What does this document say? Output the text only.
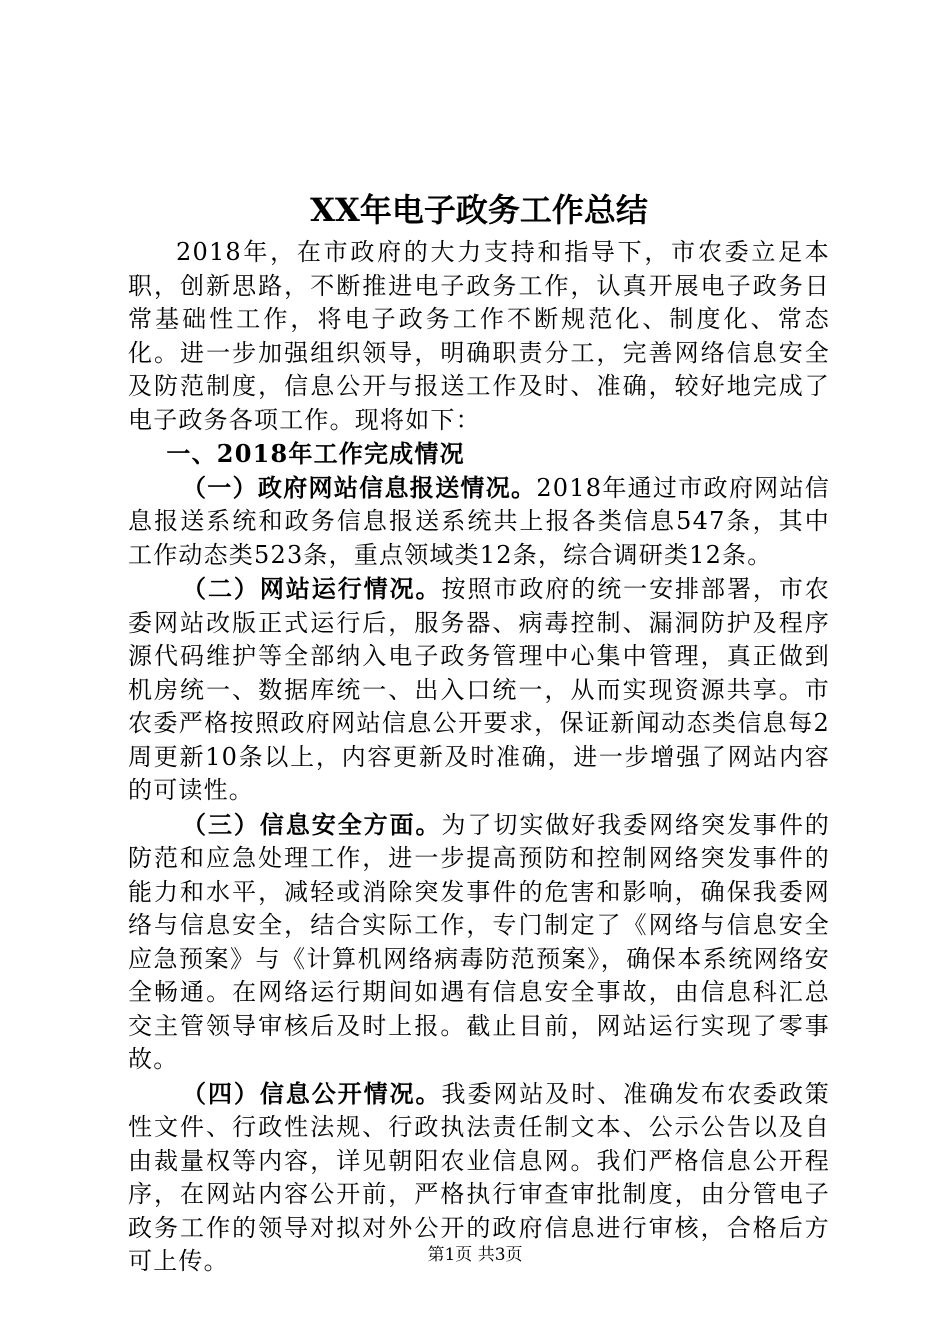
XX年电子政务工作总结

2018年，在市政府的大力支持和指导下，市农委立足本职，创新思路，不断推进电子政务工作，认真开展电子政务日常基础性工作，将电子政务工作不断规范化、制度化、常态化。进一步加强组织领导，明确职责分工，完善网络信息安全及防范制度，信息公开与报送工作及时、准确，较好地完成了电子政务各项工作。现将如下：

一、2018年工作完成情况

（一）政府网站信息报送情况。2018年通过市政府网站信息报送系统和政务信息报送系统共上报各类信息547条，其中工作动态类523条，重点领域类12条，综合调研类12条。

（二）网站运行情况。按照市政府的统一安排部署，市农委网站改版正式运行后，服务器、病毒控制、漏洞防护及程序源代码维护等全部纳入电子政务管理中心集中管理，真正做到机房统一、数据库统一、出入口统一，从而实现资源共享。市农委严格按照政府网站信息公开要求，保证新闻动态类信息每2周更新10条以上，内容更新及时准确，进一步增强了网站内容的可读性。

（三）信息安全方面。为了切实做好我委网络突发事件的防范和应急处理工作，进一步提高预防和控制网络突发事件的能力和水平，减轻或消除突发事件的危害和影响，确保我委网络与信息安全，结合实际工作，专门制定了《网络与信息安全应急预案》与《计算机网络病毒防范预案》，确保本系统网络安全畅通。在网络运行期间如遇有信息安全事故，由信息科汇总交主管领导审核后及时上报。截止目前，网站运行实现了零事故。

（四）信息公开情况。我委网站及时、准确发布农委政策性文件、行政性法规、行政执法责任制文本、公示公告以及自由裁量权等内容，详见朝阳农业信息网。我们严格信息公开程序，在网站内容公开前，严格执行审查审批制度，由分管电子政务工作的领导对拟对外公开的政府信息进行审核，合格后方可上传。	第1页 共3页
